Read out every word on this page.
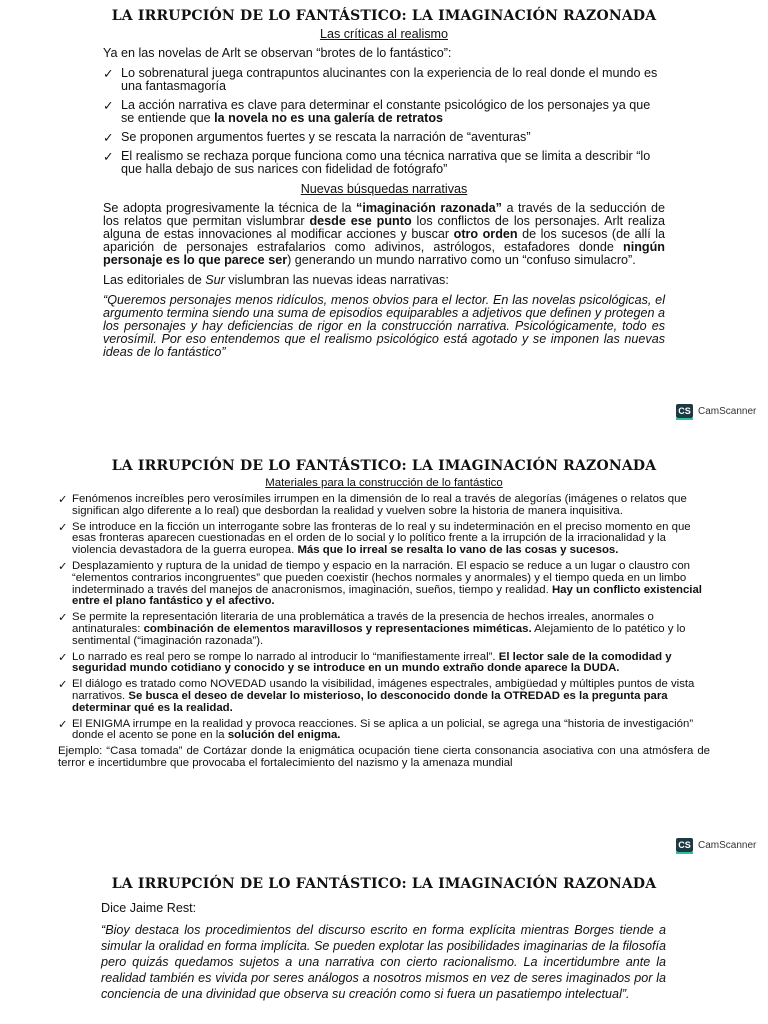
LA IRRUPCIÓN DE LO FANTÁSTICO: LA IMAGINACIÓN RAZONADA
Las críticas al realismo

Ya en las novelas de Arlt se observan “brotes de lo fantástico”:

✓ Lo sobrenatural juega contrapuntos alucinantes con la experiencia de lo real donde el mundo es una fantasmagoría
✓ La acción narrativa es clave para determinar el constante psicológico de los personajes ya que se entiende que la novela no es una galería de retratos
✓ Se proponen argumentos fuertes y se rescata la narración de “aventuras”
✓ El realismo se rechaza porque funciona como una técnica narrativa que se limita a describir “lo que halla debajo de sus narices con fidelidad de fotógrafo”
Nuevas búsquedas narrativas

Se adopta progresivamente la técnica de la “imaginación razonada” a través de la seducción de los relatos que permitan vislumbrar desde ese punto los conflictos de los personajes. Arlt realiza alguna de estas innovaciones al modificar acciones y buscar otro orden de los sucesos (de allí la aparición de personajes estrafalarios como adivinos, astrólogos, estafadores donde ningún personaje es lo que parece ser) generando un mundo narrativo como un “confuso simulacro”.

Las editoriales de Sur vislumbran las nuevas ideas narrativas:

“Queremos personajes menos ridículos, menos obvios para el lector. En las novelas psicológicas, el argumento termina siendo una suma de episodios equiparables a adjetivos que definen y protegen a los personajes y hay deficiencias de rigor en la construcción narrativa. Psicológicamente, todo es verosímil. Por eso entendemos que el realismo psicológico está agotado y se imponen las nuevas ideas de lo fantástico”

CS CamScanner
LA IRRUPCIÓN DE LO FANTÁSTICO: LA IMAGINACIÓN RAZONADA
Materiales para la construcción de lo fantástico
✓ Fenómenos increíbles pero verosímiles irrumpen en la dimensión de lo real a través de alegorías (imágenes o relatos que significan algo diferente a lo real) que desbordan la realidad y vuelven sobre la historia de manera inquisitiva.
✓ Se introduce en la ficción un interrogante sobre las fronteras de lo real y su indeterminación en el preciso momento en que esas fronteras aparecen cuestionadas en el orden de lo social y lo político frente a la irrupción de la irracionalidad y la violencia devastadora de la guerra europea. Más que lo irreal se resalta lo vano de las cosas y sucesos.
✓ Desplazamiento y ruptura de la unidad de tiempo y espacio en la narración. El espacio se reduce a un lugar o claustro con “elementos contrarios incongruentes” que pueden coexistir (hechos normales y anormales) y el tiempo queda en un limbo indeterminado a través del manejos de anacronismos, imaginación, sueños, tiempo y realidad. Hay un conflicto existencial entre el plano fantástico y el afectivo.
✓ Se permite la representación literaria de una problemática a través de la presencia de hechos irreales, anormales o antinaturales: combinación de elementos maravillosos y representaciones miméticas. Alejamiento de lo patético y lo sentimental (“imaginación razonada”).
✓ Lo narrado es real pero se rompe lo narrado al introducir lo “manifiestamente irreal”. El lector sale de la comodidad y seguridad mundo cotidiano y conocido y se introduce en un mundo extraño donde aparece la DUDA.
✓ El diálogo es tratado como NOVEDAD usando la visibilidad, imágenes espectrales, ambigüedad y múltiples puntos de vista narrativos. Se busca el deseo de develar lo misterioso, lo desconocido donde la OTREDAD es la pregunta para determinar qué es la realidad.
✓ El ENIGMA irrumpe en la realidad y provoca reacciones. Si se aplica a un policial, se agrega una “historia de investigación” donde el acento se pone en la solución del enigma.

Ejemplo: “Casa tomada” de Cortázar donde la enigmática ocupación tiene cierta consonancia asociativa con una atmósfera de terror e incertidumbre que provocaba el fortalecimiento del nazismo y la amenaza mundial

CS CamScanner
LA IRRUPCIÓN DE LO FANTÁSTICO: LA IMAGINACIÓN RAZONADA

Dice Jaime Rest:

“Bioy destaca los procedimientos del discurso escrito en forma explícita mientras Borges tiende a simular la oralidad en forma implícita. Se pueden explotar las posibilidades imaginarias de la filosofía pero quizás quedamos sujetos a una narrativa con cierto racionalismo. La incertidumbre ante la realidad también es vivida por seres análogos a nosotros mismos en vez de seres imaginados por la conciencia de una divinidad que observa su creación como si fuera un pasatiempo intelectual”.
